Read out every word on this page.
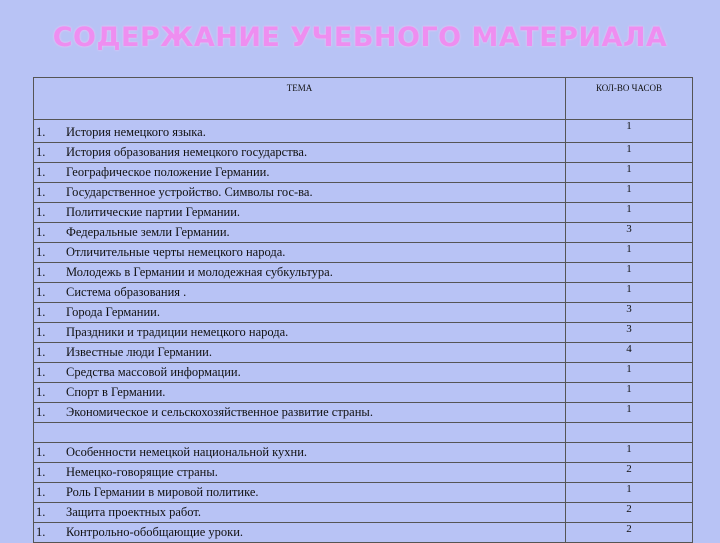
СОДЕРЖАНИЕ УЧЕБНОГО МАТЕРИАЛА
ТЕМА	КОЛ-ВО ЧАСОВ
1. История немецкого языка.	1
1. История образования немецкого государства.	1
1. Географическое положение Германии.	1
1. Государственное устройство. Символы гос-ва.	1
1. Политические партии Германии.	1
1. Федеральные земли Германии.	3
1. Отличительные черты немецкого народа.	1
1. Молодежь в Германии и молодежная субкультура.	1
1. Система образования .	1
1. Города Германии.	3
1. Праздники и традиции немецкого народа.	3
1. Известные люди Германии.	4
1. Средства массовой информации.	1
1. Спорт в Германии.	1
1. Экономическое и сельскохозяйственное развитие страны.	1

1. Особенности немецкой национальной кухни.	1
1. Немецко-говорящие страны.	2
1. Роль Германии в мировой политике.	1
1. Защита проектных работ.	2
1. Контрольно-обобщающие уроки.	2
